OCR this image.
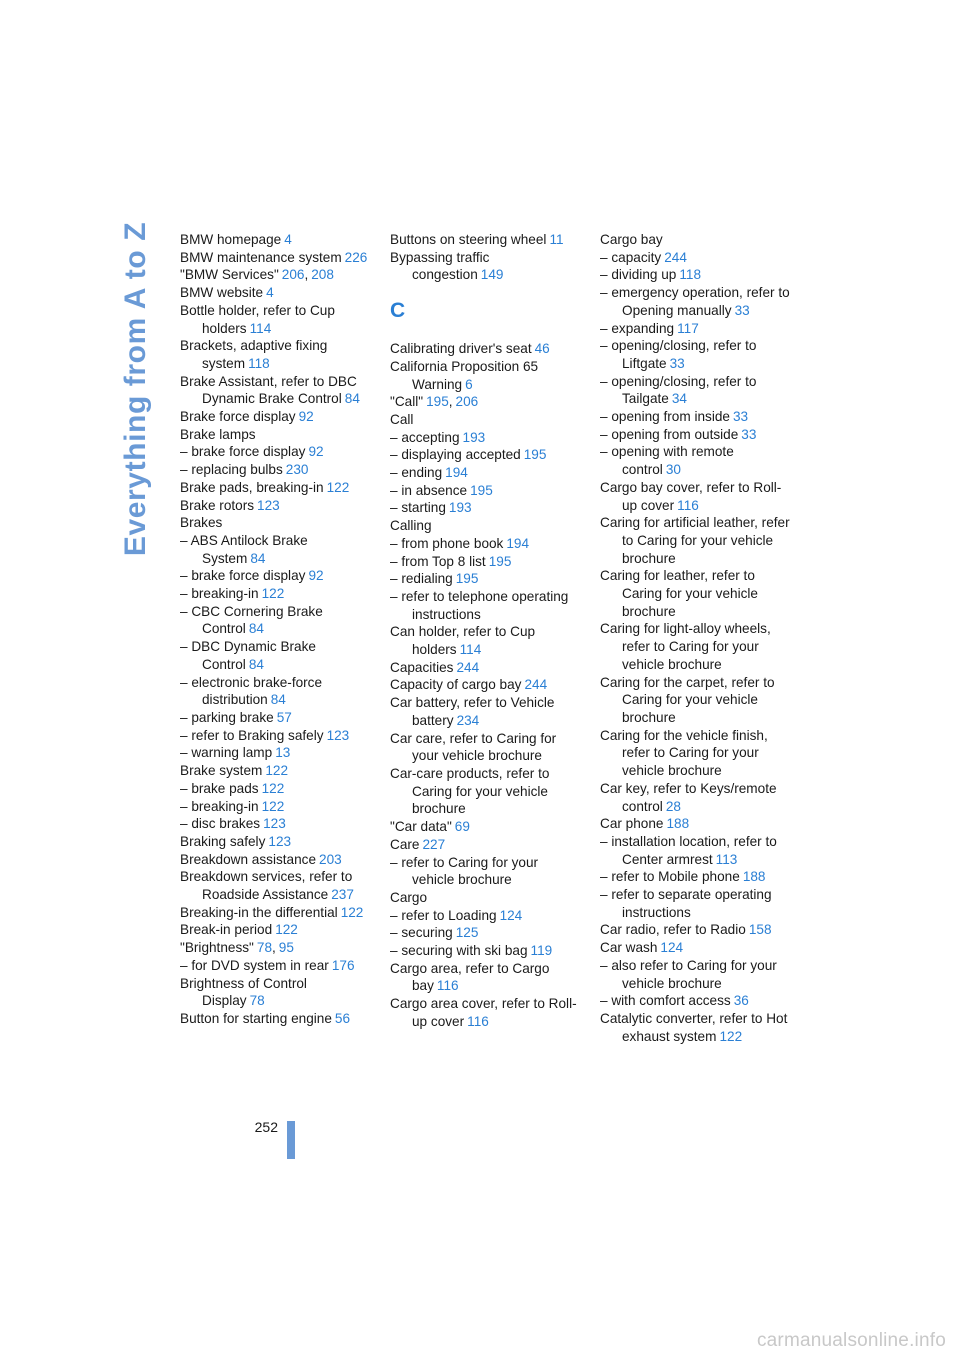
Everything from A to Z BMW homepage 4
BMW maintenance system 226
"BMW Services" 206, 208
BMW website 4
Bottle holder, refer to Cup holders 114
Brackets, adaptive fixing system 118
Brake Assistant, refer to DBC Dynamic Brake Control 84
Brake force display 92
Brake lamps
– brake force display 92
– replacing bulbs 230
Brake pads, breaking-in 122
Brake rotors 123
Brakes
– ABS Antilock Brake System 84
– brake force display 92
– breaking-in 122
– CBC Cornering Brake Control 84
– DBC Dynamic Brake Control 84
– electronic brake-force distribution 84
– parking brake 57
– refer to Braking safely 123
– warning lamp 13
Brake system 122
– brake pads 122
– breaking-in 122
– disc brakes 123
Braking safely 123
Breakdown assistance 203
Breakdown services, refer to Roadside Assistance 237
Breaking-in the differential 122
Break-in period 122
"Brightness" 78, 95
– for DVD system in rear 176
Brightness of Control Display 78
Button for starting engine 56
Buttons on steering wheel 11
Bypassing traffic congestion 149
C
Calibrating driver's seat 46
California Proposition 65 Warning 6
"Call" 195, 206
Call
– accepting 193
– displaying accepted 195
– ending 194
– in absence 195
– starting 193
Calling
– from phone book 194
– from Top 8 list 195
– redialing 195
– refer to telephone operating instructions
Can holder, refer to Cup holders 114
Capacities 244
Capacity of cargo bay 244
Car battery, refer to Vehicle battery 234
Car care, refer to Caring for your vehicle brochure
Car-care products, refer to Caring for your vehicle brochure
"Car data" 69
Care 227
– refer to Caring for your vehicle brochure
Cargo
– refer to Loading 124
– securing 125
– securing with ski bag 119
Cargo area, refer to Cargo bay 116
Cargo area cover, refer to Roll-up cover 116
Cargo bay
– capacity 244
– dividing up 118
– emergency operation, refer to Opening manually 33
– expanding 117
– opening/closing, refer to Liftgate 33
– opening/closing, refer to Tailgate 34
– opening from inside 33
– opening from outside 33
– opening with remote control 30
Cargo bay cover, refer to Roll-up cover 116
Caring for artificial leather, refer to Caring for your vehicle brochure
Caring for leather, refer to Caring for your vehicle brochure
Caring for light-alloy wheels, refer to Caring for your vehicle brochure
Caring for the carpet, refer to Caring for your vehicle brochure
Caring for the vehicle finish, refer to Caring for your vehicle brochure
Car key, refer to Keys/remote control 28
Car phone 188
– installation location, refer to Center armrest 113
– refer to Mobile phone 188
– refer to separate operating instructions
Car radio, refer to Radio 158
Car wash 124
– also refer to Caring for your vehicle brochure
– with comfort access 36
Catalytic converter, refer to Hot exhaust system 122
252
carmanualsonline.info
